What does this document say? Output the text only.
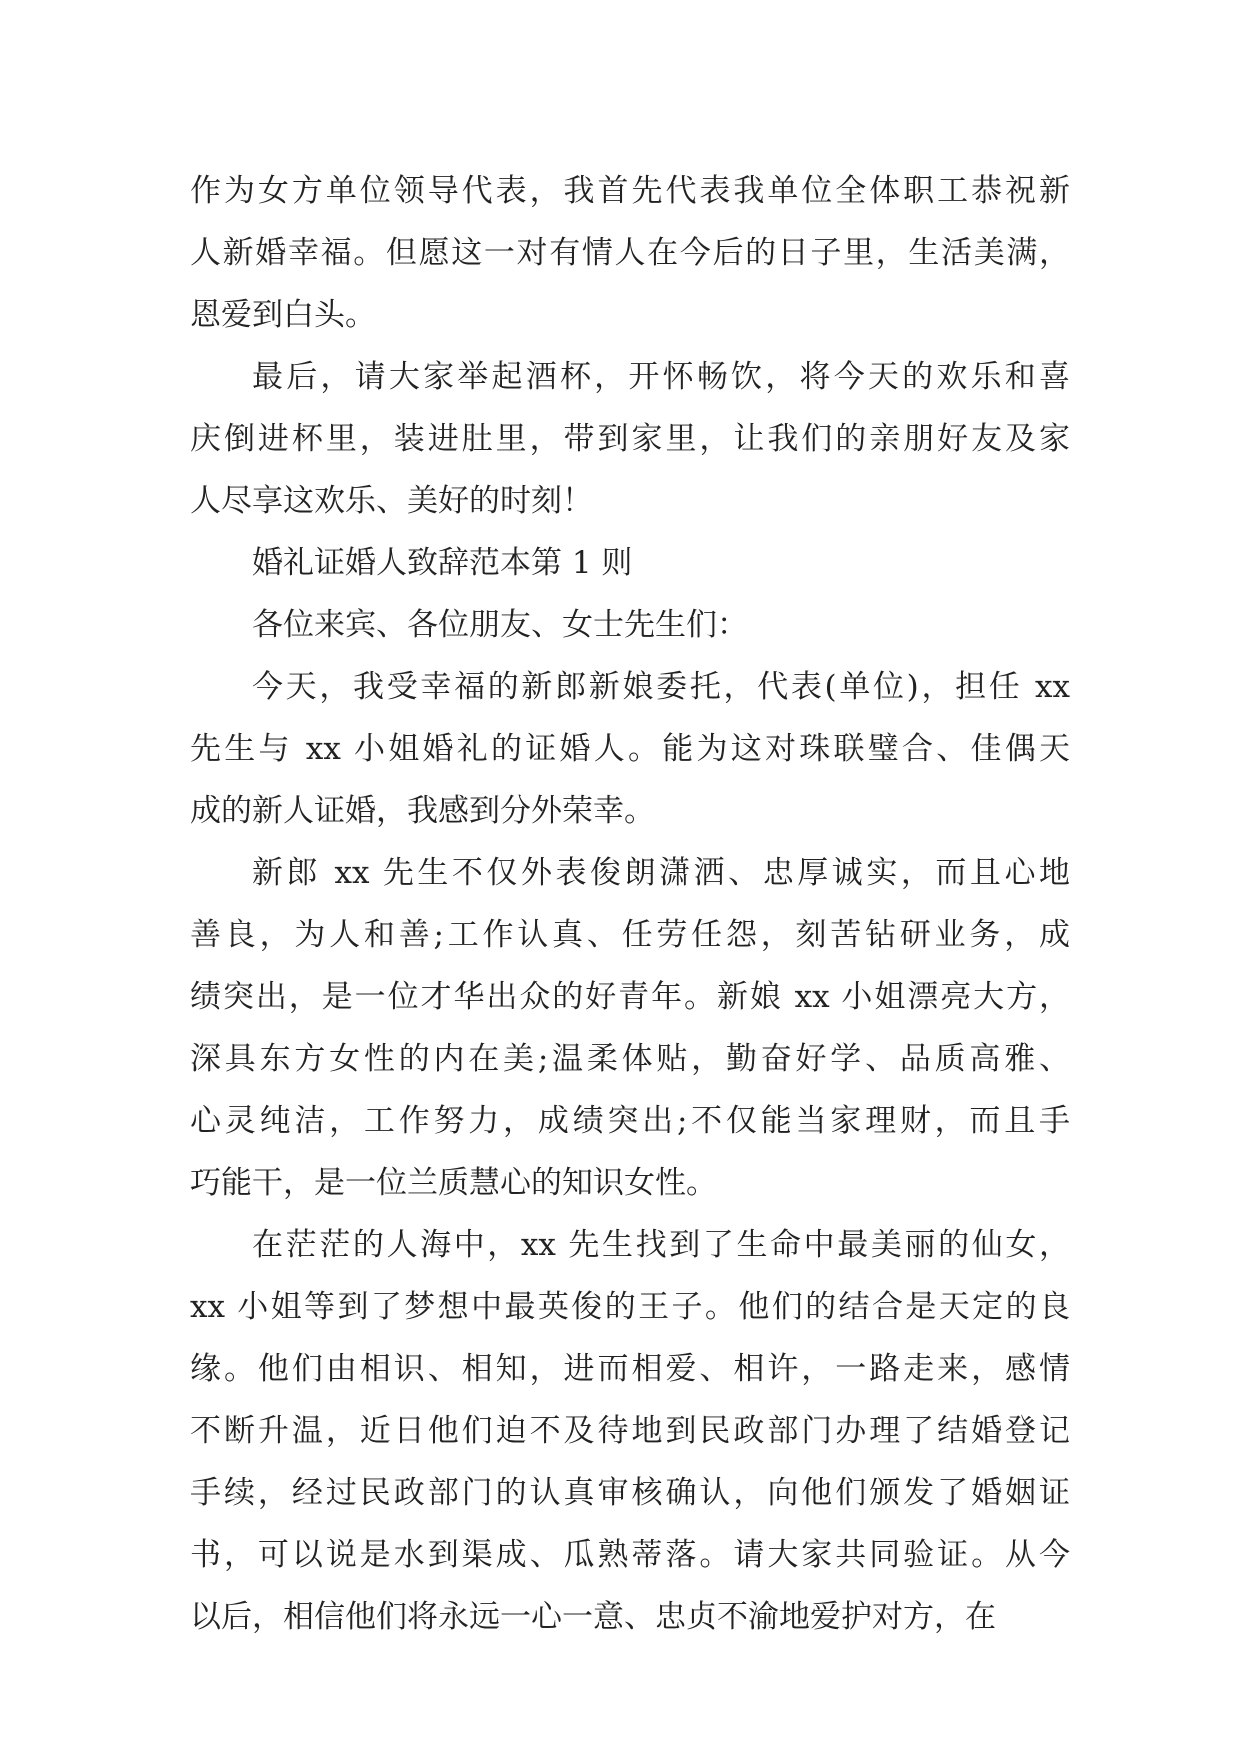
作为女方单位领导代表，我首先代表我单位全体职工恭祝新
人新婚幸福。但愿这一对有情人在今后的日子里，生活美满，
恩爱到白头。
最后，请大家举起酒杯，开怀畅饮，将今天的欢乐和喜
庆倒进杯里，装进肚里，带到家里，让我们的亲朋好友及家
人尽享这欢乐、美好的时刻！
婚礼证婚人致辞范本第 1 则
各位来宾、各位朋友、女士先生们：
今天，我受幸福的新郎新娘委托，代表(单位)，担任 xx
先生与 xx 小姐婚礼的证婚人。能为这对珠联璧合、佳偶天
成的新人证婚，我感到分外荣幸。
新郎 xx 先生不仅外表俊朗潇洒、忠厚诚实，而且心地
善良，为人和善;工作认真、任劳任怨，刻苦钻研业务，成
绩突出，是一位才华出众的好青年。新娘 xx 小姐漂亮大方，
深具东方女性的内在美;温柔体贴，勤奋好学、品质高雅、
心灵纯洁，工作努力，成绩突出;不仅能当家理财，而且手
巧能干，是一位兰质慧心的知识女性。
在茫茫的人海中，xx 先生找到了生命中最美丽的仙女，
xx 小姐等到了梦想中最英俊的王子。他们的结合是天定的良
缘。他们由相识、相知，进而相爱、相许，一路走来，感情
不断升温，近日他们迫不及待地到民政部门办理了结婚登记
手续，经过民政部门的认真审核确认，向他们颁发了婚姻证
书，可以说是水到渠成、瓜熟蒂落。请大家共同验证。从今
以后，相信他们将永远一心一意、忠贞不渝地爱护对方，在
